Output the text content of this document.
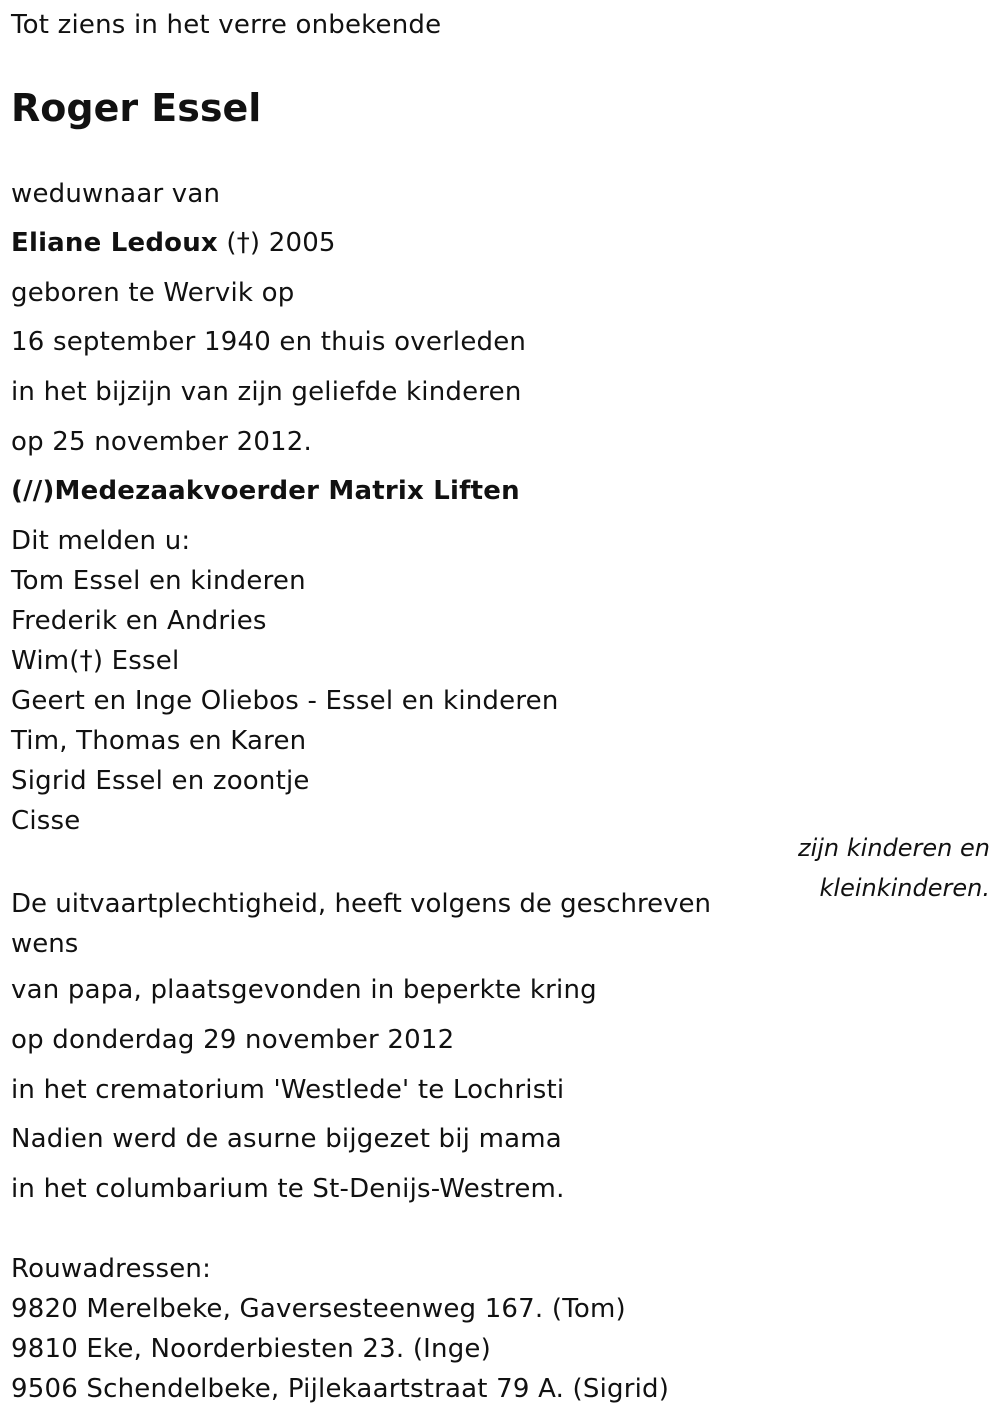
Tot ziens in het verre onbekende
Roger Essel
weduwnaar van
Eliane Ledoux (†) 2005
geboren te Wervik op
16 september 1940 en thuis overleden
in het bijzijn van zijn geliefde kinderen
op 25 november 2012.
(//)Medezaakvoerder Matrix Liften
Dit melden u:
Tom Essel en kinderen
Frederik en Andries
Wim(†) Essel
Geert en Inge Oliebos - Essel en kinderen
Tim, Thomas en Karen
Sigrid Essel en zoontje
Cisse
zijn kinderen en
kleinkinderen.
De uitvaartplechtigheid, heeft volgens de geschreven wens
van papa, plaatsgevonden in beperkte kring
op donderdag 29 november 2012
in het crematorium 'Westlede' te Lochristi
Nadien werd de asurne bijgezet bij mama
in het columbarium te St-Denijs-Westrem.
Rouwadressen:
9820 Merelbeke, Gaversesteenweg 167. (Tom)
9810 Eke, Noorderbiesten 23. (Inge)
9506 Schendelbeke, Pijlekaartstraat 79 A. (Sigrid)
